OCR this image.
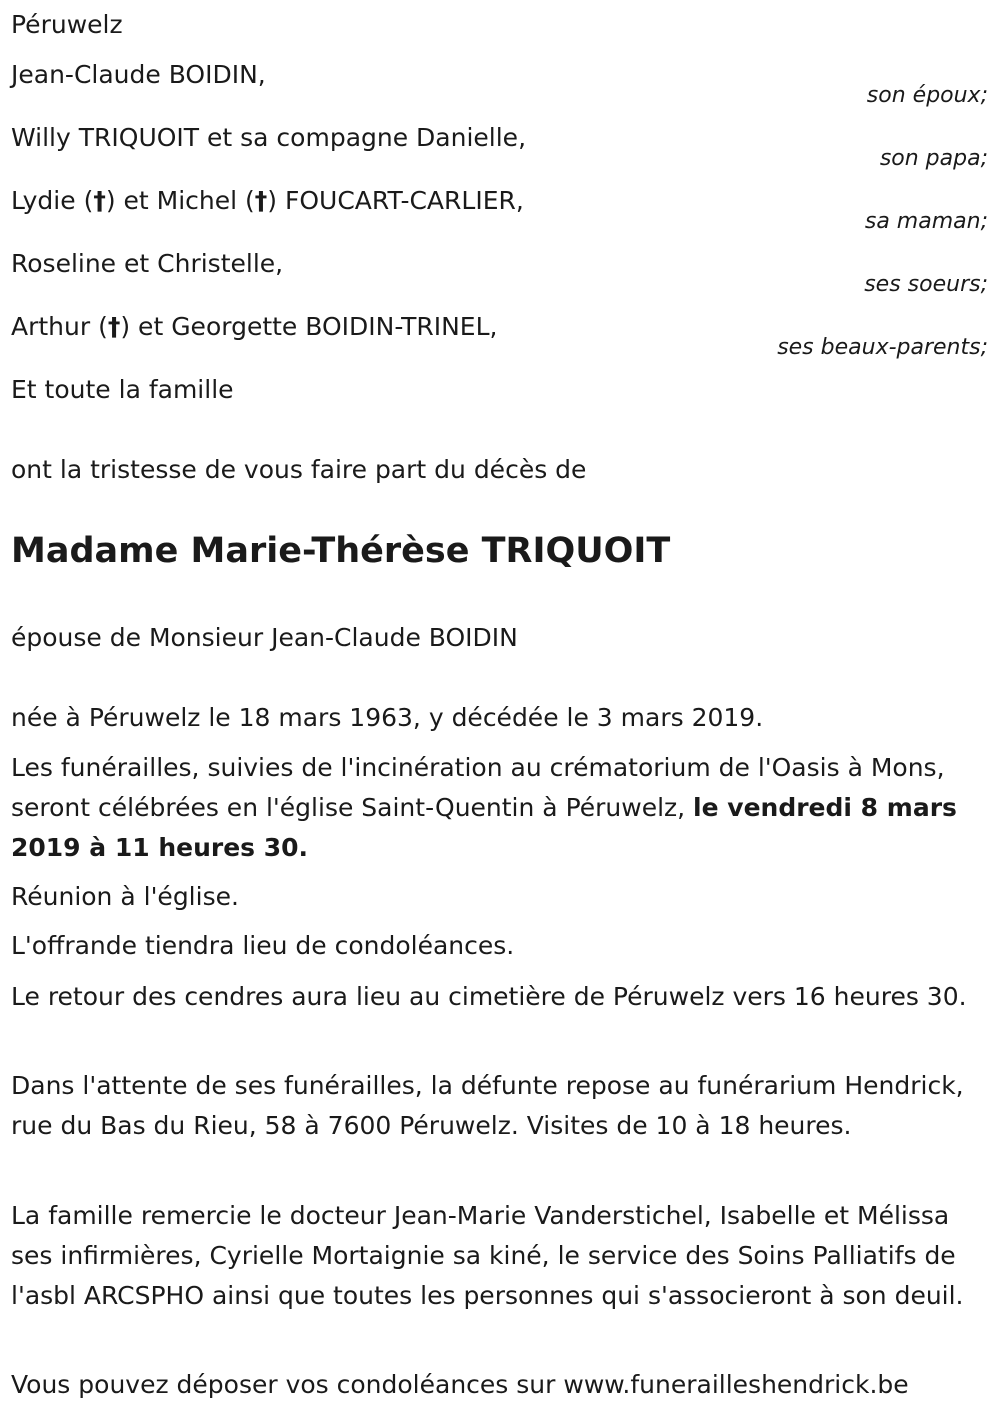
Péruwelz
Jean-Claude BOIDIN,
son époux;
Willy TRIQUOIT et sa compagne Danielle,
son papa;
Lydie (†) et Michel (†) FOUCART-CARLIER,
sa maman;
Roseline et Christelle,
ses soeurs;
Arthur (†) et Georgette BOIDIN-TRINEL,
ses beaux-parents;
Et toute la famille
ont la tristesse de vous faire part du décès de
Madame Marie-Thérèse TRIQUOIT
épouse de Monsieur Jean-Claude BOIDIN
née à Péruwelz le 18 mars 1963, y décédée le 3 mars 2019.
Les funérailles, suivies de l'incinération au crématorium de l'Oasis à Mons, seront célébrées en l'église Saint-Quentin à Péruwelz, le vendredi 8 mars 2019 à 11 heures 30.
Réunion à l'église.
L'offrande tiendra lieu de condoléances.
Le retour des cendres aura lieu au cimetière de Péruwelz vers 16 heures 30.
Dans l'attente de ses funérailles, la défunte repose au funérarium Hendrick, rue du Bas du Rieu, 58 à 7600 Péruwelz. Visites de 10 à 18 heures.
La famille remercie le docteur Jean-Marie Vanderstichel, Isabelle et Mélissa ses infirmières, Cyrielle Mortaignie sa kiné, le service des Soins Palliatifs de l'asbl ARCSPHO ainsi que toutes les personnes qui s'associeront à son deuil.
Vous pouvez déposer vos condoléances sur www.funerailleshendrick.be
